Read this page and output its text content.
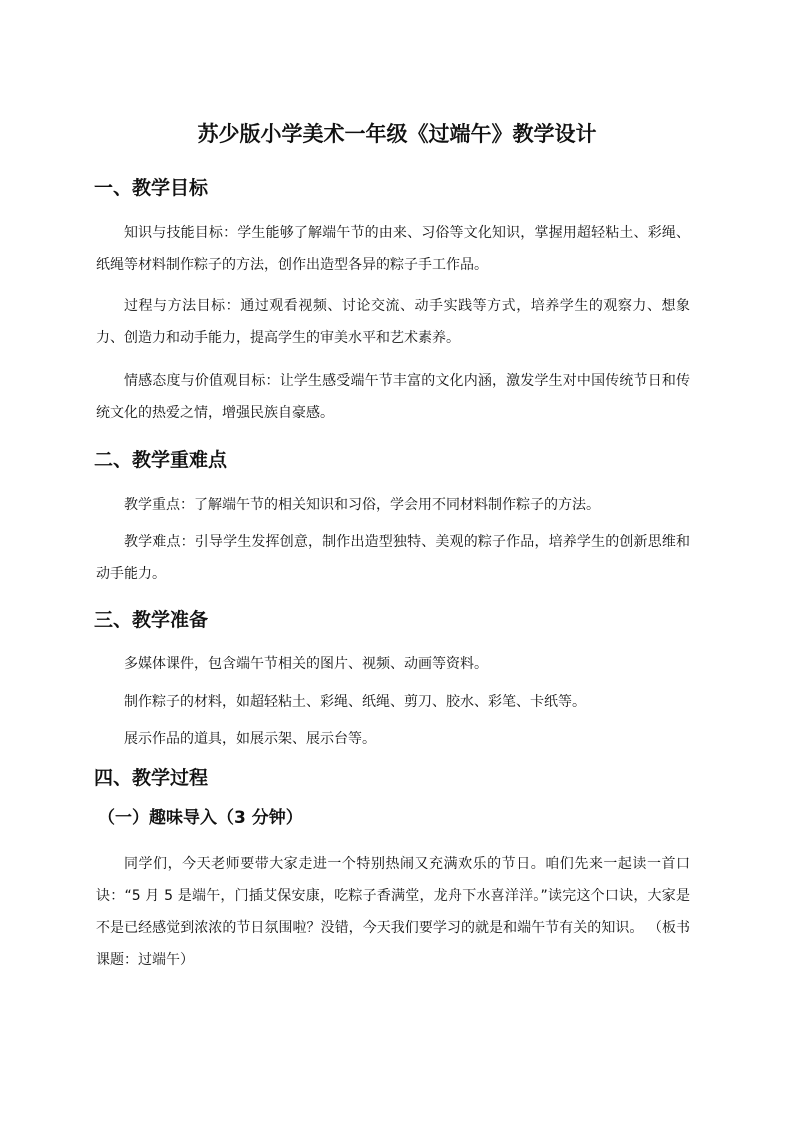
苏少版小学美术一年级《过端午》教学设计
一、教学目标

知识与技能目标：学生能够了解端午节的由来、习俗等文化知识，掌握用超轻粘土、彩绳、纸绳等材料制作粽子的方法，创作出造型各异的粽子手工作品。

过程与方法目标：通过观看视频、讨论交流、动手实践等方式，培养学生的观察力、想象力、创造力和动手能力，提高学生的审美水平和艺术素养。

情感态度与价值观目标：让学生感受端午节丰富的文化内涵，激发学生对中国传统节日和传统文化的热爱之情，增强民族自豪感。

二、教学重难点

教学重点：了解端午节的相关知识和习俗，学会用不同材料制作粽子的方法。

教学难点：引导学生发挥创意，制作出造型独特、美观的粽子作品，培养学生的创新思维和动手能力。

三、教学准备

多媒体课件，包含端午节相关的图片、视频、动画等资料。

制作粽子的材料，如超轻粘土、彩绳、纸绳、剪刀、胶水、彩笔、卡纸等。

展示作品的道具，如展示架、展示台等。

四、教学过程
（一）趣味导入（3 分钟）

同学们，今天老师要带大家走进一个特别热闹又充满欢乐的节日。咱们先来一起读一首口诀：“5 月 5 是端午，门插艾保安康，吃粽子香满堂，龙舟下水喜洋洋。”读完这个口诀，大家是不是已经感觉到浓浓的节日氛围啦？没错，今天我们要学习的就是和端午节有关的知识。 （板书课题：过端午）
